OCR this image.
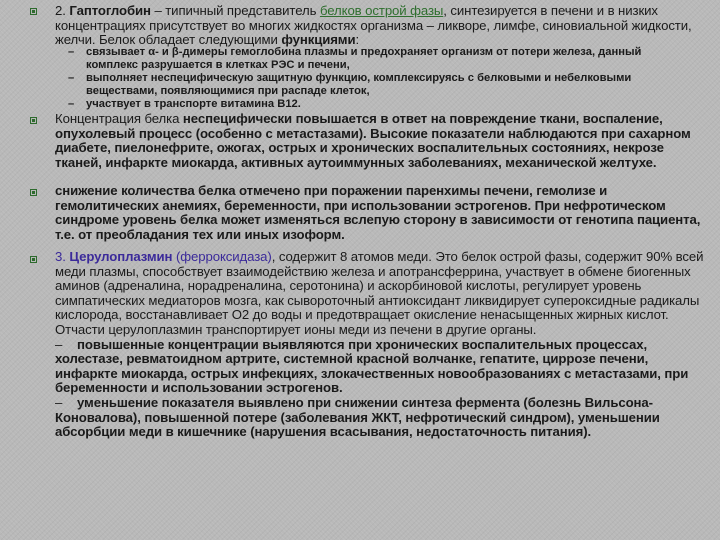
2. Гаптоглобин – типичный представитель белков острой фазы, синтезируется в печени и в низких концентрациях присутствует во многих жидкостях организма – ликворе, лимфе, синовиальной жидкости, желчи. Белок обладает следующими функциями:
– связывает α- и β-димеры гемоглобина плазмы и предохраняет организм от потери железа, данный комплекс разрушается в клетках РЭС и печени,
– выполняет неспецифическую защитную функцию, комплексируясь с белковыми и небелковыми веществами, появляющимися при распаде клеток,
– участвует в транспорте витамина B12.
Концентрация белка неспецифически повышается в ответ на повреждение ткани, воспаление, опухолевый процесс (особенно с метастазами). Высокие показатели наблюдаются при сахарном диабете, пиелонефрите, ожогах, острых и хронических воспалительных состояниях, некрозе тканей, инфаркте миокарда, активных аутоиммунных заболеваниях, механической желтухе.
снижение количества белка отмечено при поражении паренхимы печени, гемолизе и гемолитических анемиях, беременности, при использовании эстрогенов. При нефротическом синдроме уровень белка может изменяться вслепую сторону в зависимости от генотипа пациента, т.е. от преобладания тех или иных изоформ.
3. Церулоплазмин (ферроксидаза), содержит 8 атомов меди. Это белок острой фазы, содержит 90% всей меди плазмы, способствует взаимодействию железа и апотрансферрина, участвует в обмене биогенных аминов (адреналина, норадреналина, серотонина) и аскорбиновой кислоты, регулирует уровень симпатических медиаторов мозга, как сывороточный антиоксидант ликвидирует супероксидные радикалы кислорода, восстанавливает O2 до воды и предотвращает окисление ненасыщенных жирных кислот. Отчасти церулоплазмин транспортирует ионы меди из печени в другие органы.
– повышенные концентрации выявляются при хронических воспалительных процессах, холестазе, ревматоидном артрите, системной красной волчанке, гепатите, циррозе печени, инфаркте миокарда, острых инфекциях, злокачественных новообразованиях с метастазами, при беременности и использовании эстрогенов.
– уменьшение показателя выявлено при снижении синтеза фермента (болезнь Вильсона-Коновалова), повышенной потере (заболевания ЖКТ, нефротический синдром), уменьшении абсорбции меди в кишечнике (нарушения всасывания, недостаточность питания).
